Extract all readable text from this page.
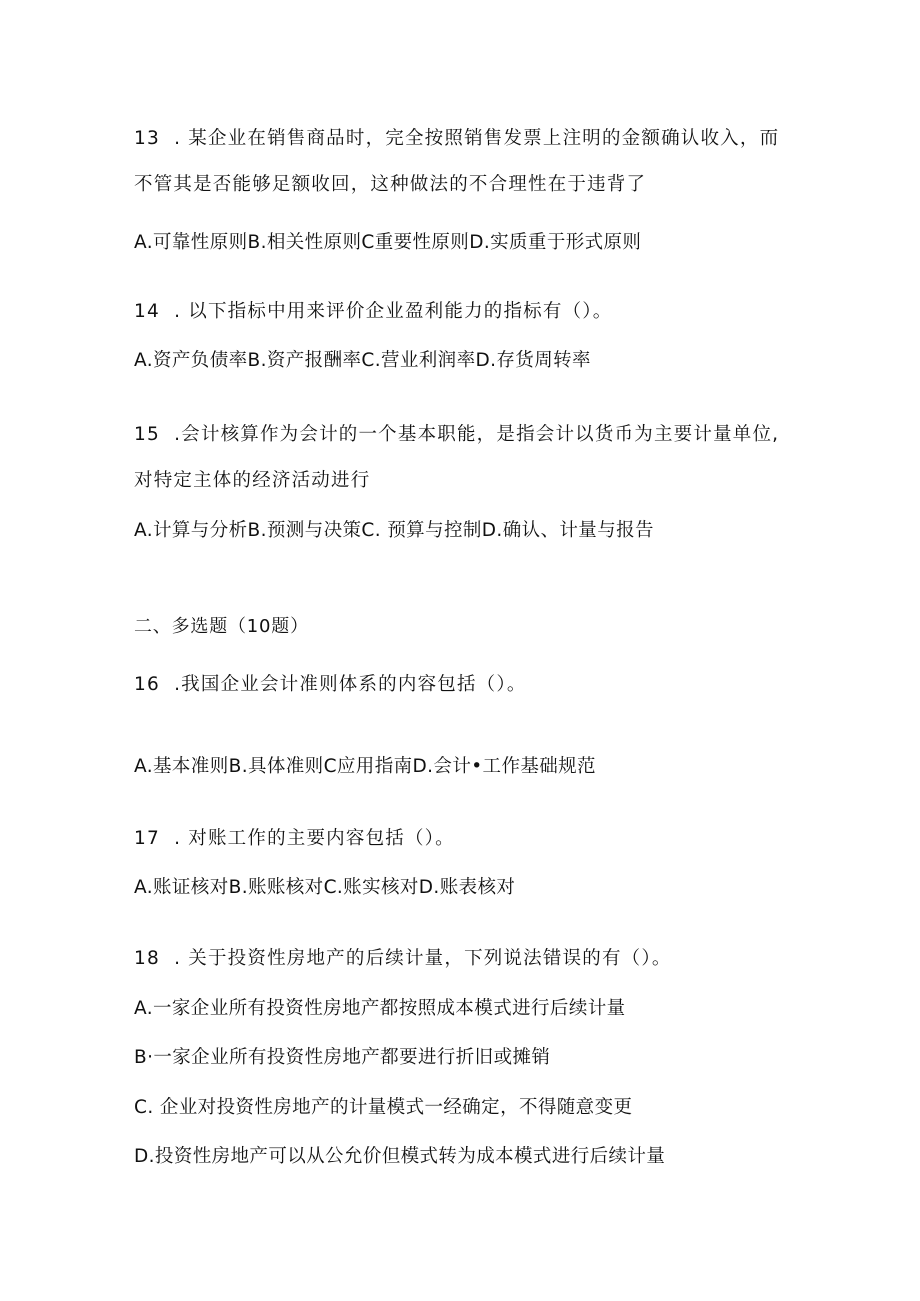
13  . 某企业在销售商品时，完全按照销售发票上注明的金额确认收入，而
不管其是否能够足额收回，这种做法的不合理性在于违背了
A.可靠性原则B.相关性原则C重要性原则D.实质重于形式原则
14  . 以下指标中用来评价企业盈利能力的指标有（）。
A.资产负债率B.资产报酬率C.营业利润率D.存货周转率
15  .会计核算作为会计的一个基本职能，是指会计以货币为主要计量单位,
对特定主体的经济活动进行
A.计算与分析B.预测与决策C. 预算与控制D.确认、计量与报告
二、多选题（10题）
16  .我国企业会计准则体系的内容包括（）。
A.基本准则B.具体准则C应用指南D.会计•工作基础规范
17  . 对账工作的主要内容包括（）。
A.账证核对B.账账核对C.账实核对D.账表核对
18  . 关于投资性房地产的后续计量，下列说法错误的有（）。
A.一家企业所有投资性房地产都按照成本模式进行后续计量
B·一家企业所有投资性房地产都要进行折旧或摊销
C. 企业对投资性房地产的计量模式一经确定，不得随意变更
D.投资性房地产可以从公允价但模式转为成本模式进行后续计量
